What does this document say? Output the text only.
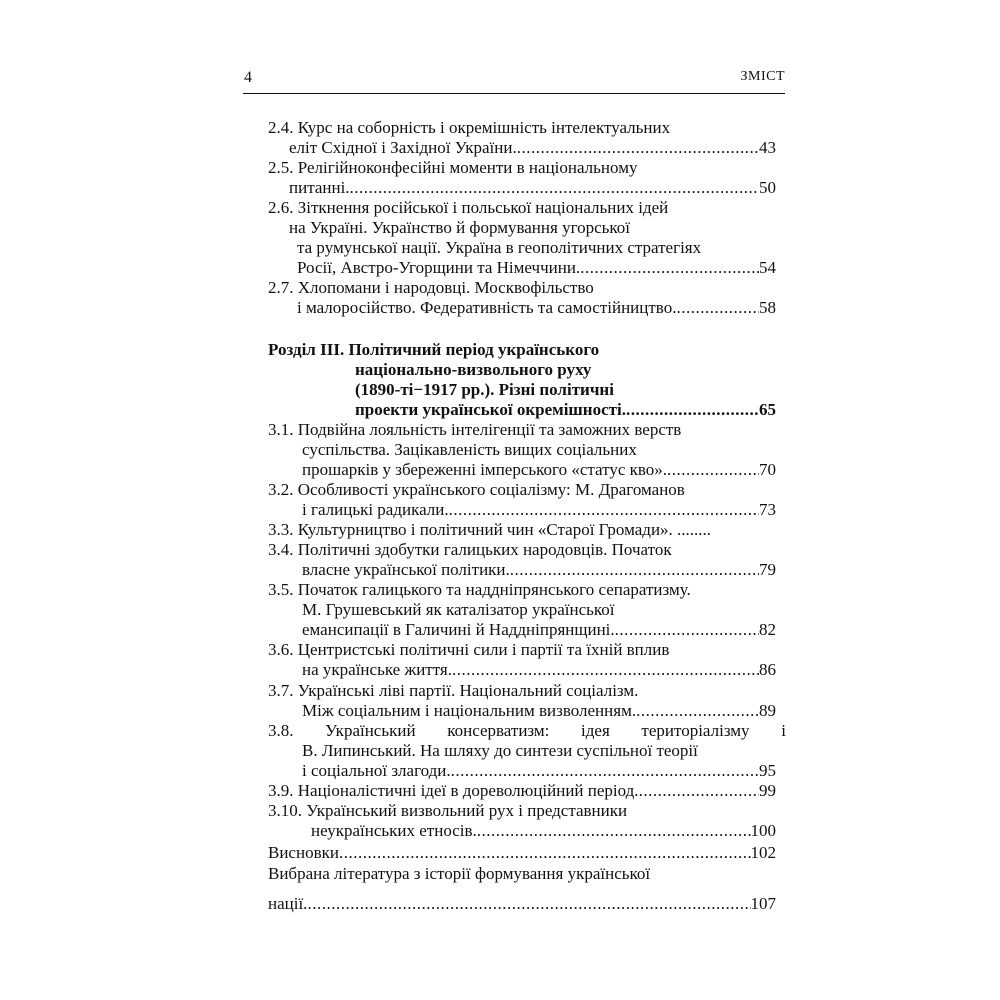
4	ЗМІСТ
2.4. Курс на соборність і окремішність інтелектуальних
еліт Східної і Західної України. .....	43
2.5. Релігійноконфесійні моменти в національному
питанні. .....	50
2.6. Зіткнення російської і польської національних ідей
на Україні. Українство й формування угорської
та румунської нації. Україна в геополітичних стратегіях
Росії, Австро-Угорщини та Німеччини. .....	54
2.7. Хлопомани і народовці. Москвофільство
і малоросійство. Федеративність та самостійництво. .....	58
Розділ III. Політичний період українського
національно-визвольного руху
(1890-ті−1917 рр.). Різні політичні
проекти української окремішності. .....	65
3.1. Подвійна лояльність інтелігенції та заможних верств
суспільства. Зацікавленість вищих соціальних
прошарків у збереженні імперського «статус кво». .....	70
3.2. Особливості українського соціалізму: М. Драгоманов
і галицькі радикали. .....	73
3.3. Культурництво і політичний чин «Старої Громади». ........
3.4. Політичні здобутки галицьких народовців. Початок
власне української політики. .....	79
3.5. Початок галицького та наддніпрянського сепаратизму.
М. Грушевський як каталізатор української
емансипації в Галичині й Наддніпрянщині. .....	82
3.6. Центристські політичні сили і партії та їхній вплив
на українське життя. .....	86
3.7. Українські ліві партії. Національний соціалізм.
Між соціальним і національним визволенням. .....	89
3.8. Український консерватизм: ідея територіалізму і
В. Липинський. На шляху до синтези суспільної теорії
і соціальної злагоди. .....	95
3.9. Націоналістичні ідеї в дореволюційний період. .....	99
3.10. Український визвольний рух і представники
неукраїнських етносів. .....	100
Висновки .....	102
Вибрана література з історії формування української
нації. .....	107
